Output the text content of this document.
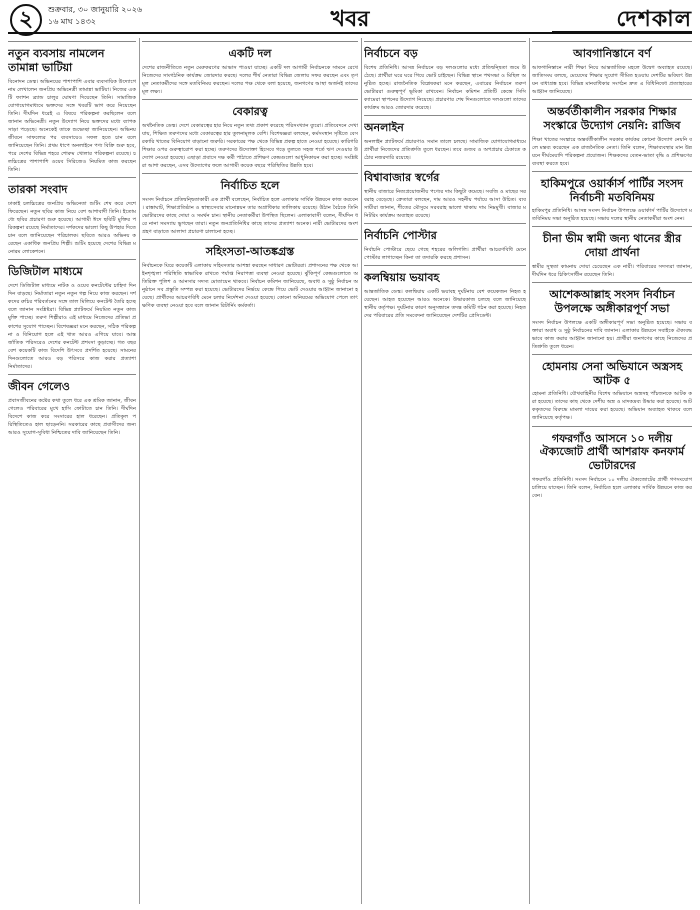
২	শুক্রবার, ৩০ জানুয়ারি ২০২৬
১৬ মাঘ ১৪৩২	খবর	দেশকাল
নতুন ব্যবসায় নামলেন তামান্না ভাটিয়া
বিনোদন ডেস্ক। অভিনয়ের পাশাপাশি এবার ব্যবসায়িক উদ্যোগে নাম লেখালেন জনপ্রিয় অভিনেত্রী তামান্না ভাটিয়া। নিজের একটি ফ্যাশন ব্র্যান্ড চালুর ঘোষণা দিয়েছেন তিনি। সামাজিক যোগাযোগমাধ্যমে ভক্তদের সঙ্গে খবরটি ভাগ করে নিয়েছেন তিনি। দীর্ঘদিন ধরেই এ বিষয়ে পরিকল্পনা করছিলেন বলে জানান অভিনেত্রী। নতুন উদ্যোগ নিয়ে ভক্তদের মধ্যে ব্যাপক সাড়া পড়েছে। অনেকেই তাকে শুভেচ্ছা জানিয়েছেন। অভিনয় জীবনে সাফল্যের পর ব্যবসায়েও সফল হতে চান বলে জানিয়েছেন তিনি। প্রথম ধাপে অনলাইনে পণ্য বিক্রি শুরু হবে, পরে দেশের বিভিন্ন শহরে শোরুম খোলার পরিকল্পনা রয়েছে। চলচ্চিত্রের পাশাপাশি ওয়েব সিরিজেও নিয়মিত কাজ করছেন তিনি।
তারকা সংবাদ
ঢাকাই চলচ্চিত্রের জনপ্রিয় অভিনেতা শুটিং শেষ করে দেশে ফিরেছেন। নতুন ছবির কাজ নিয়ে বেশ আশাবাদী তিনি। ইতোমধ্যে ছবির প্রচারণা শুরু হয়েছে। আগামী ঈদে ছবিটি মুক্তির পরিকল্পনা রয়েছে নির্মাতাদের। দর্শকদের ভালো কিছু উপহার দিতে চান বলে জানিয়েছেন পরিচালক। ছবিতে আরও অভিনয় করেছেন একাধিক জনপ্রিয় শিল্পী। শুটিং হয়েছে দেশের বিভিন্ন মনোরম লোকেশনে।
ডিজিটাল মাধ্যমে
দেশে ডিজিটাল মাধ্যমে নাটক ও ওয়েব কনটেন্টের চাহিদা দিন দিন বাড়ছে। নির্মাতারা নতুন নতুন গল্প নিয়ে কাজ করছেন। দর্শকদের রুচির পরিবর্তনের সঙ্গে তাল মিলিয়ে কনটেন্ট তৈরি হচ্ছে বলে জানান সংশ্লিষ্টরা। বিভিন্ন প্ল্যাটফর্মে নিয়মিত নতুন কাজ মুক্তি পাচ্ছে। তরুণ শিল্পীরাও এই মাধ্যমে নিজেদের প্রতিভা প্রকাশের সুযোগ পাচ্ছেন। বিশেষজ্ঞরা মনে করছেন, সঠিক পরিকল্পনা ও বিনিয়োগ হলে এই খাত আরও এগিয়ে যাবে। আন্তর্জাতিক পরিসরেও দেশের কনটেন্ট প্রশংসা কুড়াচ্ছে। গত বছর বেশ কয়েকটি কাজ বিদেশি উৎসবে প্রদর্শিত হয়েছে। সামনের দিনগুলোতে আরও বড় পরিসরে কাজ করার প্রত্যাশা নির্মাতাদের।
জীবন গেলেও
প্রবাসজীবনের কষ্টের কথা তুলে ধরে এক শ্রমিক জানান, জীবন গেলেও পরিবারের মুখে হাসি ফোটাতে চান তিনি। দীর্ঘদিন বিদেশে কাজ করে সংসারের হাল ধরেছেন। প্রতিকূল পরিস্থিতিতেও হাল ছাড়েননি। সরকারের কাছে প্রবাসীদের জন্য আরও সুযোগ-সুবিধা নিশ্চিতের দাবি জানিয়েছেন তিনি।
একটি দল
দেশের রাজনীতিতে নতুন মেরুকরণের আভাস পাওয়া যাচ্ছে। একটি দল আগামী নির্বাচনকে সামনে রেখে নিজেদের সাংগঠনিক কার্যক্রম জোরদার করছে। দলের শীর্ষ নেতারা বিভিন্ন জেলায় সফর করছেন এবং তৃণমূল নেতাকর্মীদের সঙ্গে মতবিনিময় করছেন। দলের পক্ষ থেকে বলা হয়েছে, জনগণের আস্থা অর্জনই তাদের মূল লক্ষ্য।
বেকারত্ব
অর্থনৈতিক ডেস্ক। দেশে বেকারত্বের হার নিয়ে নতুন তথ্য প্রকাশ করেছে পরিসংখ্যান ব্যুরো। প্রতিবেদনে দেখা যায়, শিক্ষিত তরুণদের মধ্যে বেকারত্বের হার তুলনামূলক বেশি। বিশেষজ্ঞরা বলছেন, কর্মসংস্থান সৃষ্টিতে বেসরকারি খাতের বিনিয়োগ বাড়ানো জরুরি। সরকারের পক্ষ থেকে বিভিন্ন প্রকল্প হাতে নেওয়া হয়েছে। কারিগরি শিক্ষার ওপর গুরুত্বারোপ করা হচ্ছে। তরুণদের উদ্যোক্তা হিসেবে গড়ে তুলতে সহজ শর্তে ঋণ দেওয়ার উদ্যোগ নেওয়া হয়েছে। এছাড়া প্রবাসে দক্ষ কর্মী পাঠাতে প্রশিক্ষণ কেন্দ্রগুলো আধুনিকায়ন করা হচ্ছে। সংশ্লিষ্টরা আশা করছেন, এসব উদ্যোগের ফলে আগামী কয়েক বছরে পরিস্থিতির উন্নতি হবে।
নির্বাচিত হলে
সংসদ নির্বাচনে প্রতিদ্বন্দ্বিতাকারী এক প্রার্থী বলেছেন, নির্বাচিত হলে এলাকার সার্বিক উন্নয়নে কাজ করবেন। রাস্তাঘাট, শিক্ষাপ্রতিষ্ঠান ও স্বাস্থ্যসেবার মানোন্নয়ন তার অগ্রাধিকার তালিকায় রয়েছে। উঠান বৈঠকে তিনি ভোটারদের কাছে দোয়া ও সমর্থন চান। স্থানীয় নেতাকর্মীরা উপস্থিত ছিলেন। এলাকাবাসী বলেন, দীর্ঘদিন ধরে নানা সমস্যায় ভুগছেন তারা। নতুন জনপ্রতিনিধির কাছে তাদের প্রত্যাশা অনেক। নারী ভোটারদের অংশগ্রহণ বাড়াতে আলাদা প্রচারণা চালানো হচ্ছে।
সহিংসতা-আতঙ্কগ্রস্ত
নির্বাচনকে ঘিরে কয়েকটি এলাকায় সহিংসতার আশঙ্কা করছেন সাধারণ ভোটাররা। প্রশাসনের পক্ষ থেকে আইনশৃঙ্খলা পরিস্থিতি স্বাভাবিক রাখতে পর্যাপ্ত নিরাপত্তা ব্যবস্থা নেওয়া হয়েছে। ঝুঁকিপূর্ণ কেন্দ্রগুলোতে অতিরিক্ত পুলিশ ও আনসার সদস্য মোতায়েন থাকবে। নির্বাচন কমিশন জানিয়েছে, অবাধ ও সুষ্ঠু নির্বাচন অনুষ্ঠানে সব প্রস্তুতি সম্পন্ন করা হয়েছে। ভোটারদের নির্ভয়ে কেন্দ্রে গিয়ে ভোট দেওয়ার আহ্বান জানানো হয়েছে। প্রার্থীদের আচরণবিধি মেনে চলার নির্দেশনা দেওয়া হয়েছে। কোনো অনিয়মের অভিযোগ পেলে তাৎক্ষণিক ব্যবস্থা নেওয়া হবে বলে জানান রিটার্নিং কর্মকর্তা।
নির্বাচনে বড়
বিশেষ প্রতিনিধি। আসন্ন নির্বাচনে বড় দলগুলোর মধ্যে প্রতিদ্বন্দ্বিতা জমে উঠেছে। প্রার্থীরা ঘরে ঘরে গিয়ে ভোট চাইছেন। বিভিন্ন স্থানে পথসভা ও মিছিল অনুষ্ঠিত হচ্ছে। রাজনৈতিক বিশ্লেষকরা মনে করছেন, এবারের নির্বাচনে তরুণ ভোটাররা গুরুত্বপূর্ণ ভূমিকা রাখবেন। নির্বাচন কমিশন প্রতিটি কেন্দ্রে সিসি ক্যামেরা স্থাপনের উদ্যোগ নিয়েছে। প্রচারণার শেষ দিনগুলোতে দলগুলো তাদের কার্যক্রম আরও জোরদার করেছে।
অনলাইন
অনলাইন প্ল্যাটফর্মে প্রচারণাও সমান তালে চলছে। সামাজিক যোগাযোগমাধ্যমে প্রার্থীরা নিজেদের প্রতিশ্রুতি তুলে ধরছেন। তবে গুজব ও অপপ্রচার ঠেকাতে কঠোর নজরদারি রয়েছে।
বিশ্বাবাজার স্বর্গের
স্থানীয় বাজারে নিত্যপ্রয়োজনীয় পণ্যের দাম কিছুটা কমেছে। সবজি ও মাছের সরবরাহ বেড়েছে। ক্রেতারা বলছেন, দাম আরও সহনীয় পর্যায়ে আসা উচিত। ব্যবসায়ীরা জানান, শীতের মৌসুমে সরবরাহ ভালো থাকায় দাম নিম্নমুখী। বাজার মনিটরিং কার্যক্রম অব্যাহত রয়েছে।
নির্বাচনি পোস্টার
নির্বাচনি পোস্টারে ছেয়ে গেছে শহরের অলিগলি। প্রার্থীরা আচরণবিধি মেনে পোস্টার লাগাচ্ছেন কিনা তা তদারকি করছে প্রশাসন।
কলম্বিয়ায় ভয়াবহ
আন্তর্জাতিক ডেস্ক। কলম্বিয়ায় একটি ভয়াবহ দুর্ঘটনায় বেশ কয়েকজন নিহত হয়েছেন। আহত হয়েছেন আরও অনেকে। উদ্ধারকাজ চলছে বলে জানিয়েছে স্থানীয় কর্তৃপক্ষ। দুর্ঘটনার কারণ অনুসন্ধানে তদন্ত কমিটি গঠন করা হয়েছে। নিহতদের পরিবারের প্রতি সমবেদনা জানিয়েছেন দেশটির প্রেসিডেন্ট।
আবগানিস্তানে বর্ণ
আফগানিস্তানে নারী শিক্ষা নিয়ে আন্তর্জাতিক মহলে উদ্বেগ অব্যাহত রয়েছে। জাতিসংঘ বলছে, মেয়েদের শিক্ষার সুযোগ সীমিত হওয়ায় দেশটির ভবিষ্যৎ উন্নয়ন বাধাগ্রস্ত হবে। বিভিন্ন মানবাধিকার সংগঠন দ্রুত এ বিধিনিষেধ প্রত্যাহারের আহ্বান জানিয়েছে।
অন্তর্বর্তীকালীন সরকার শিক্ষার সংস্কারে উদ্যোগ নেয়নি: রাজিব
শিক্ষা খাতের সংস্কারে অন্তর্বর্তীকালীন সরকার কার্যকর কোনো উদ্যোগ নেয়নি বলে মন্তব্য করেছেন এক রাজনৈতিক নেতা। তিনি বলেন, শিক্ষাব্যবস্থার মান উন্নয়নে দীর্ঘমেয়াদি পরিকল্পনা প্রয়োজন। শিক্ষকদের বেতন-ভাতা বৃদ্ধি ও প্রশিক্ষণের ব্যবস্থা করতে হবে।
হাকিমপুরে ওয়ার্কার্স পার্টির সংসদ নির্বাচনী মতবিনিময়
হাকিমপুর প্রতিনিধি। আসন্ন সংসদ নির্বাচন উপলক্ষে ওয়ার্কার্স পার্টির উদ্যোগে মতবিনিময় সভা অনুষ্ঠিত হয়েছে। সভায় দলের স্থানীয় নেতাকর্মীরা অংশ নেন।
চীনা ভীম স্বামী জন্য থানের স্ত্রীর দোয়া প্রার্থনা
স্বামীর সুস্থতা কামনায় দোয়া চেয়েছেন এক নারী। পরিবারের সদস্যরা জানান, দীর্ঘদিন ধরে চিকিৎসাধীন রয়েছেন তিনি।
আশেকআল্লাহ সংসদ নির্বাচন উপলক্ষে অঙ্গীকারপূর্ণ সভা
সংসদ নির্বাচন উপলক্ষে একটি অঙ্গীকারপূর্ণ সভা অনুষ্ঠিত হয়েছে। সভায় বক্তারা অবাধ ও সুষ্ঠু নির্বাচনের দাবি জানান। এলাকার উন্নয়নে সবাইকে ঐক্যবদ্ধভাবে কাজ করার আহ্বান জানানো হয়। প্রার্থীরা জনগণের কাছে নিজেদের প্রতিশ্রুতি তুলে ধরেন।
হোমনায় সেনা অভিযানে অস্ত্রসহ আটক ৫
হোমনা প্রতিনিধি। যৌথবাহিনীর বিশেষ অভিযানে অস্ত্রসহ পাঁচজনকে আটক করা হয়েছে। তাদের কাছ থেকে দেশীয় অস্ত্র ও মাদকদ্রব্য উদ্ধার করা হয়েছে। আটককৃতদের বিরুদ্ধে মামলা দায়ের করা হয়েছে। অভিযান অব্যাহত থাকবে বলে জানিয়েছে কর্তৃপক্ষ।
গফরগাঁও আসনে ১০ দলীয় ঐক্যজোট প্রার্থী আশরাফ কনফার্ম ভোটারদের
গফরগাঁও প্রতিনিধি। সংসদ নির্বাচনে ১০ দলীয় ঐক্যজোটের প্রার্থী গণসংযোগ চালিয়ে যাচ্ছেন। তিনি বলেন, নির্বাচিত হলে এলাকার সার্বিক উন্নয়নে কাজ করবেন।
